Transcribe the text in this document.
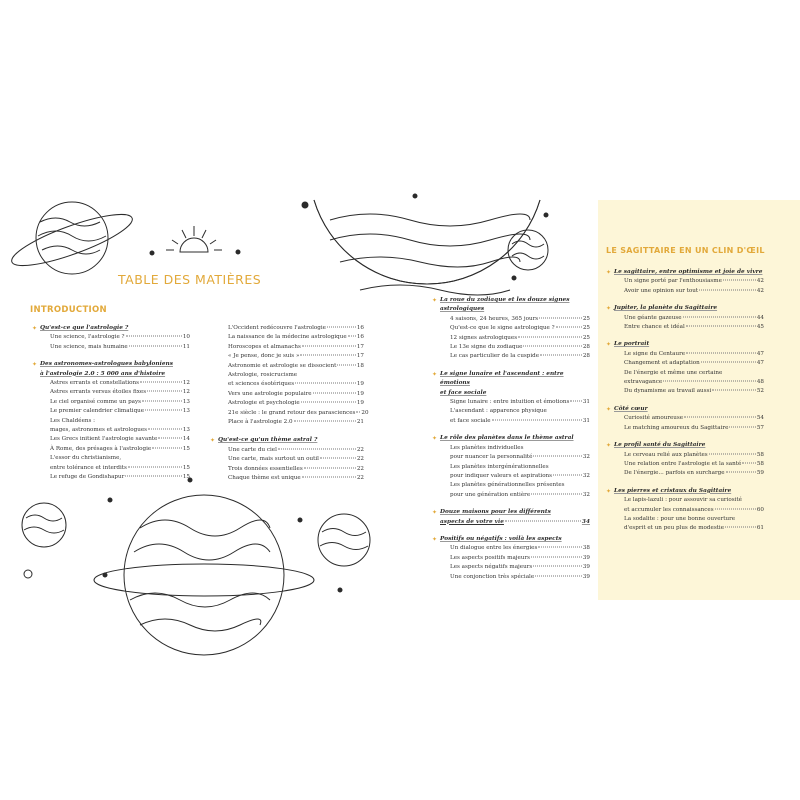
TABLE DES MATIÈRES
INTRODUCTION
✦ Qu'est-ce que l'astrologie ?
Une science, l'astrologie ?	10
Une science, mais humaine	11
✦ Des astronomes-astrologues babyloniens
à l'astrologie 2.0 : 5 000 ans d'histoire
Astres errants et constellations	12
Astres errants versus étoiles fixes	12
Le ciel organisé comme un pays	13
Le premier calendrier climatique	13
Les Chaldéens :
mages, astronomes et astrologues	13
Les Grecs initient l'astrologie savante	14
À Rome, des présages à l'astrologie	15
L'essor du christianisme,
entre tolérance et interdits	15
Le refuge de Gondishapur	15
L'Occident redécouvre l'astrologie	16
La naissance de la médecine astrologique 16
Horoscopes et almanachs	17
« Je pense, donc je suis »	17
Astronomie et astrologie se dissocient	18
Astrologie, rosicrucisme
et sciences ésotériques	19
Vers une astrologie populaire	19
Astrologie et psychologie	19
21e siècle : le grand retour des parasciences 20
Place à l'astrologie 2.0	21
✦ Qu'est-ce qu'un thème astral ?
Une carte du ciel	22
Une carte, mais surtout un outil	22
Trois données essentielles	22
Chaque thème est unique	22
✦ La roue du zodiaque et les douze signes astrologiques
4 saisons, 24 heures, 365 jours	25
Qu'est-ce que le signe astrologique ?	25
12 signes astrologiques	25
Le 13e signe du zodiaque	28
Le cas particulier de la cuspide	28
✦ Le signe lunaire et l'ascendant : entre émotions
et face sociale
Signe lunaire : entre intuition et émotions 31
L'ascendant : apparence physique
et face sociale	31
✦ Le rôle des planètes dans le thème astral
Les planètes individuelles
pour nuancer la personnalité	32
Les planètes intergénérationnelles
pour indiquer valeurs et aspirations	32
Les planètes générationnelles présentes
pour une génération entière	32
✦ Douze maisons pour les différents

aspects de votre vie	34
✦ Positifs ou négatifs : voilà les aspects
Un dialogue entre les énergies	38
Les aspects positifs majeurs	39
Les aspects négatifs majeurs	39
Une conjonction très spéciale	39
LE SAGITTAIRE EN UN CLIN D'ŒIL
✦ Le sagittaire, entre optimisme et joie de vivre
Un signe porté par l'enthousiasme	42
Avoir une opinion sur tout	42
✦ Jupiter, la planète du Sagittaire
Une géante gazeuse	44
Entre chance et idéal	45
✦ Le portrait
Le signe du Centaure	47
Changement et adaptation	47
De l'énergie et même une certaine
extravagance	48
Du dynamisme au travail aussi	52
✦ Côté cœur
Curiosité amoureuse	54
Le matching amoureux du Sagittaire	57
✦ Le profil santé du Sagittaire
Le cerveau relié aux planètes	58
Une relation entre l'astrologie et la santé	58
De l'énergie... parfois en surcharge	59
✦ Les pierres et cristaux du Sagittaire
Le lapis-lazuli : pour assouvir sa curiosité
et accumuler les connaissances	60
La sodalite : pour une bonne ouverture
d'esprit et un peu plus de modestie	61
